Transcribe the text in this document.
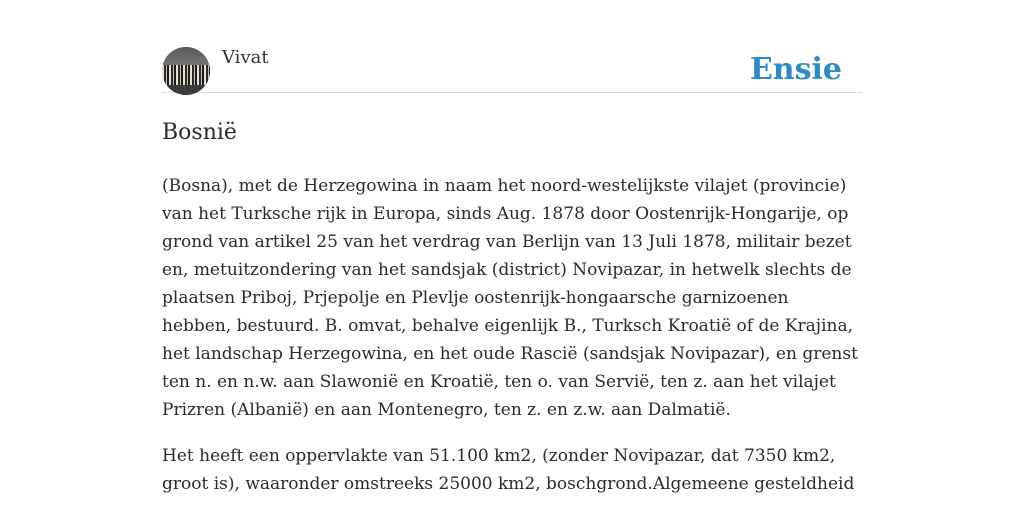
Vivat	Ensie
Bosnië

(Bosna), met de Herzegowina in naam het noord-westelijkste vilajet (provincie) van het Turksche rijk in Europa, sinds Aug. 1878 door Oostenrijk-Hongarije, op grond van artikel 25 van het verdrag van Berlijn van 13 Juli 1878, militair bezet en, metuitzondering van het sandsjak (district) Novipazar, in hetwelk slechts de plaatsen Priboj, Prjepolje en Plevlje oostenrijk-hongaarsche garnizoenen hebben, bestuurd. B. omvat, behalve eigenlijk B., Turksch Kroatië of de Krajina, het landschap Herzegowina, en het oude Rascië (sandsjak Novipazar), en grenst ten n. en n.w. aan Slawonië en Kroatië, ten o. van Servië, ten z. aan het vilajet Prizren (Albanië) en aan Montenegro, ten z. en z.w. aan Dalmatië.

Het heeft een oppervlakte van 51.100 km2, (zonder Novipazar, dat 7350 km2, groot is), waaronder omstreeks 25000 km2, boschgrond.Algemeene gesteldheid
